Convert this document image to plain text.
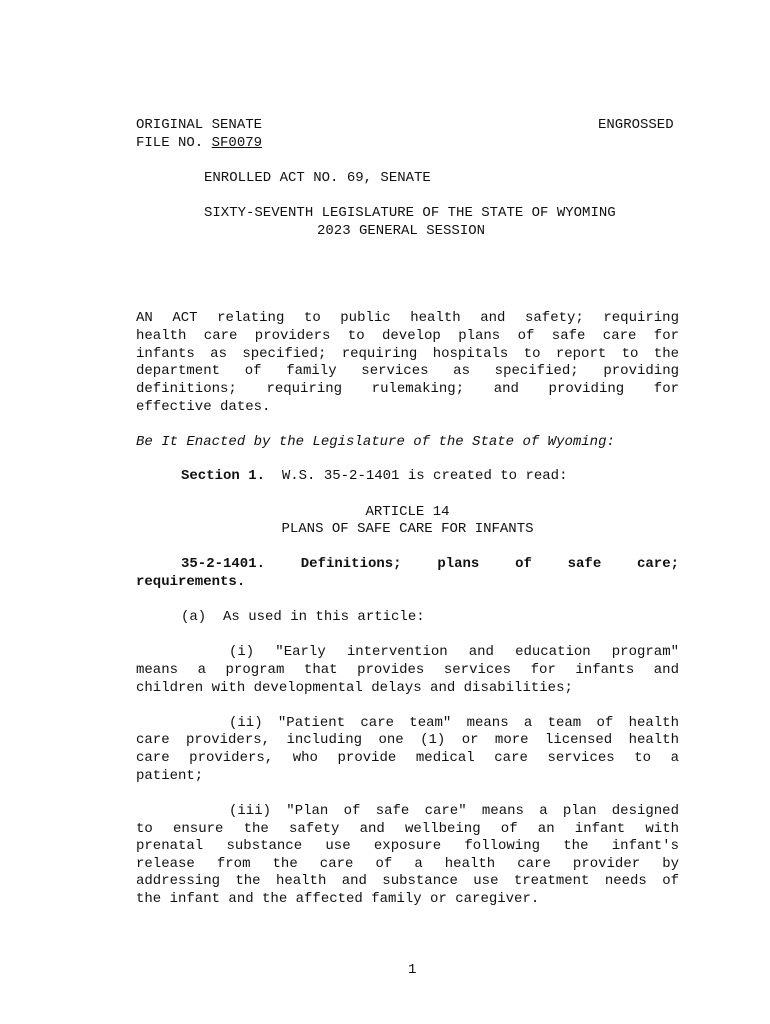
ORIGINAL SENATE
FILE NO. SF0079
ENGROSSED
ENROLLED ACT NO. 69, SENATE
SIXTY-SEVENTH LEGISLATURE OF THE STATE OF WYOMING
2023 GENERAL SESSION
AN ACT relating to public health and safety; requiring
health care providers to develop plans of safe care for
infants as specified; requiring hospitals to report to the
department of family services as specified; providing
definitions; requiring rulemaking; and providing for
effective dates.
Be It Enacted by the Legislature of the State of Wyoming:
Section 1. W.S. 35-2-1401 is created to read:
ARTICLE 14
PLANS OF SAFE CARE FOR INFANTS
35-2-1401. Definitions; plans of safe care;
requirements.
(a)  As used in this article:
(i) "Early intervention and education program"
means a program that provides services for infants and
children with developmental delays and disabilities;
(ii) "Patient care team" means a team of health
care providers, including one (1) or more licensed health
care providers, who provide medical care services to a
patient;
(iii) "Plan of safe care" means a plan designed
to ensure the safety and wellbeing of an infant with
prenatal substance use exposure following the infant's
release from the care of a health care provider by
addressing the health and substance use treatment needs of
the infant and the affected family or caregiver.
1
